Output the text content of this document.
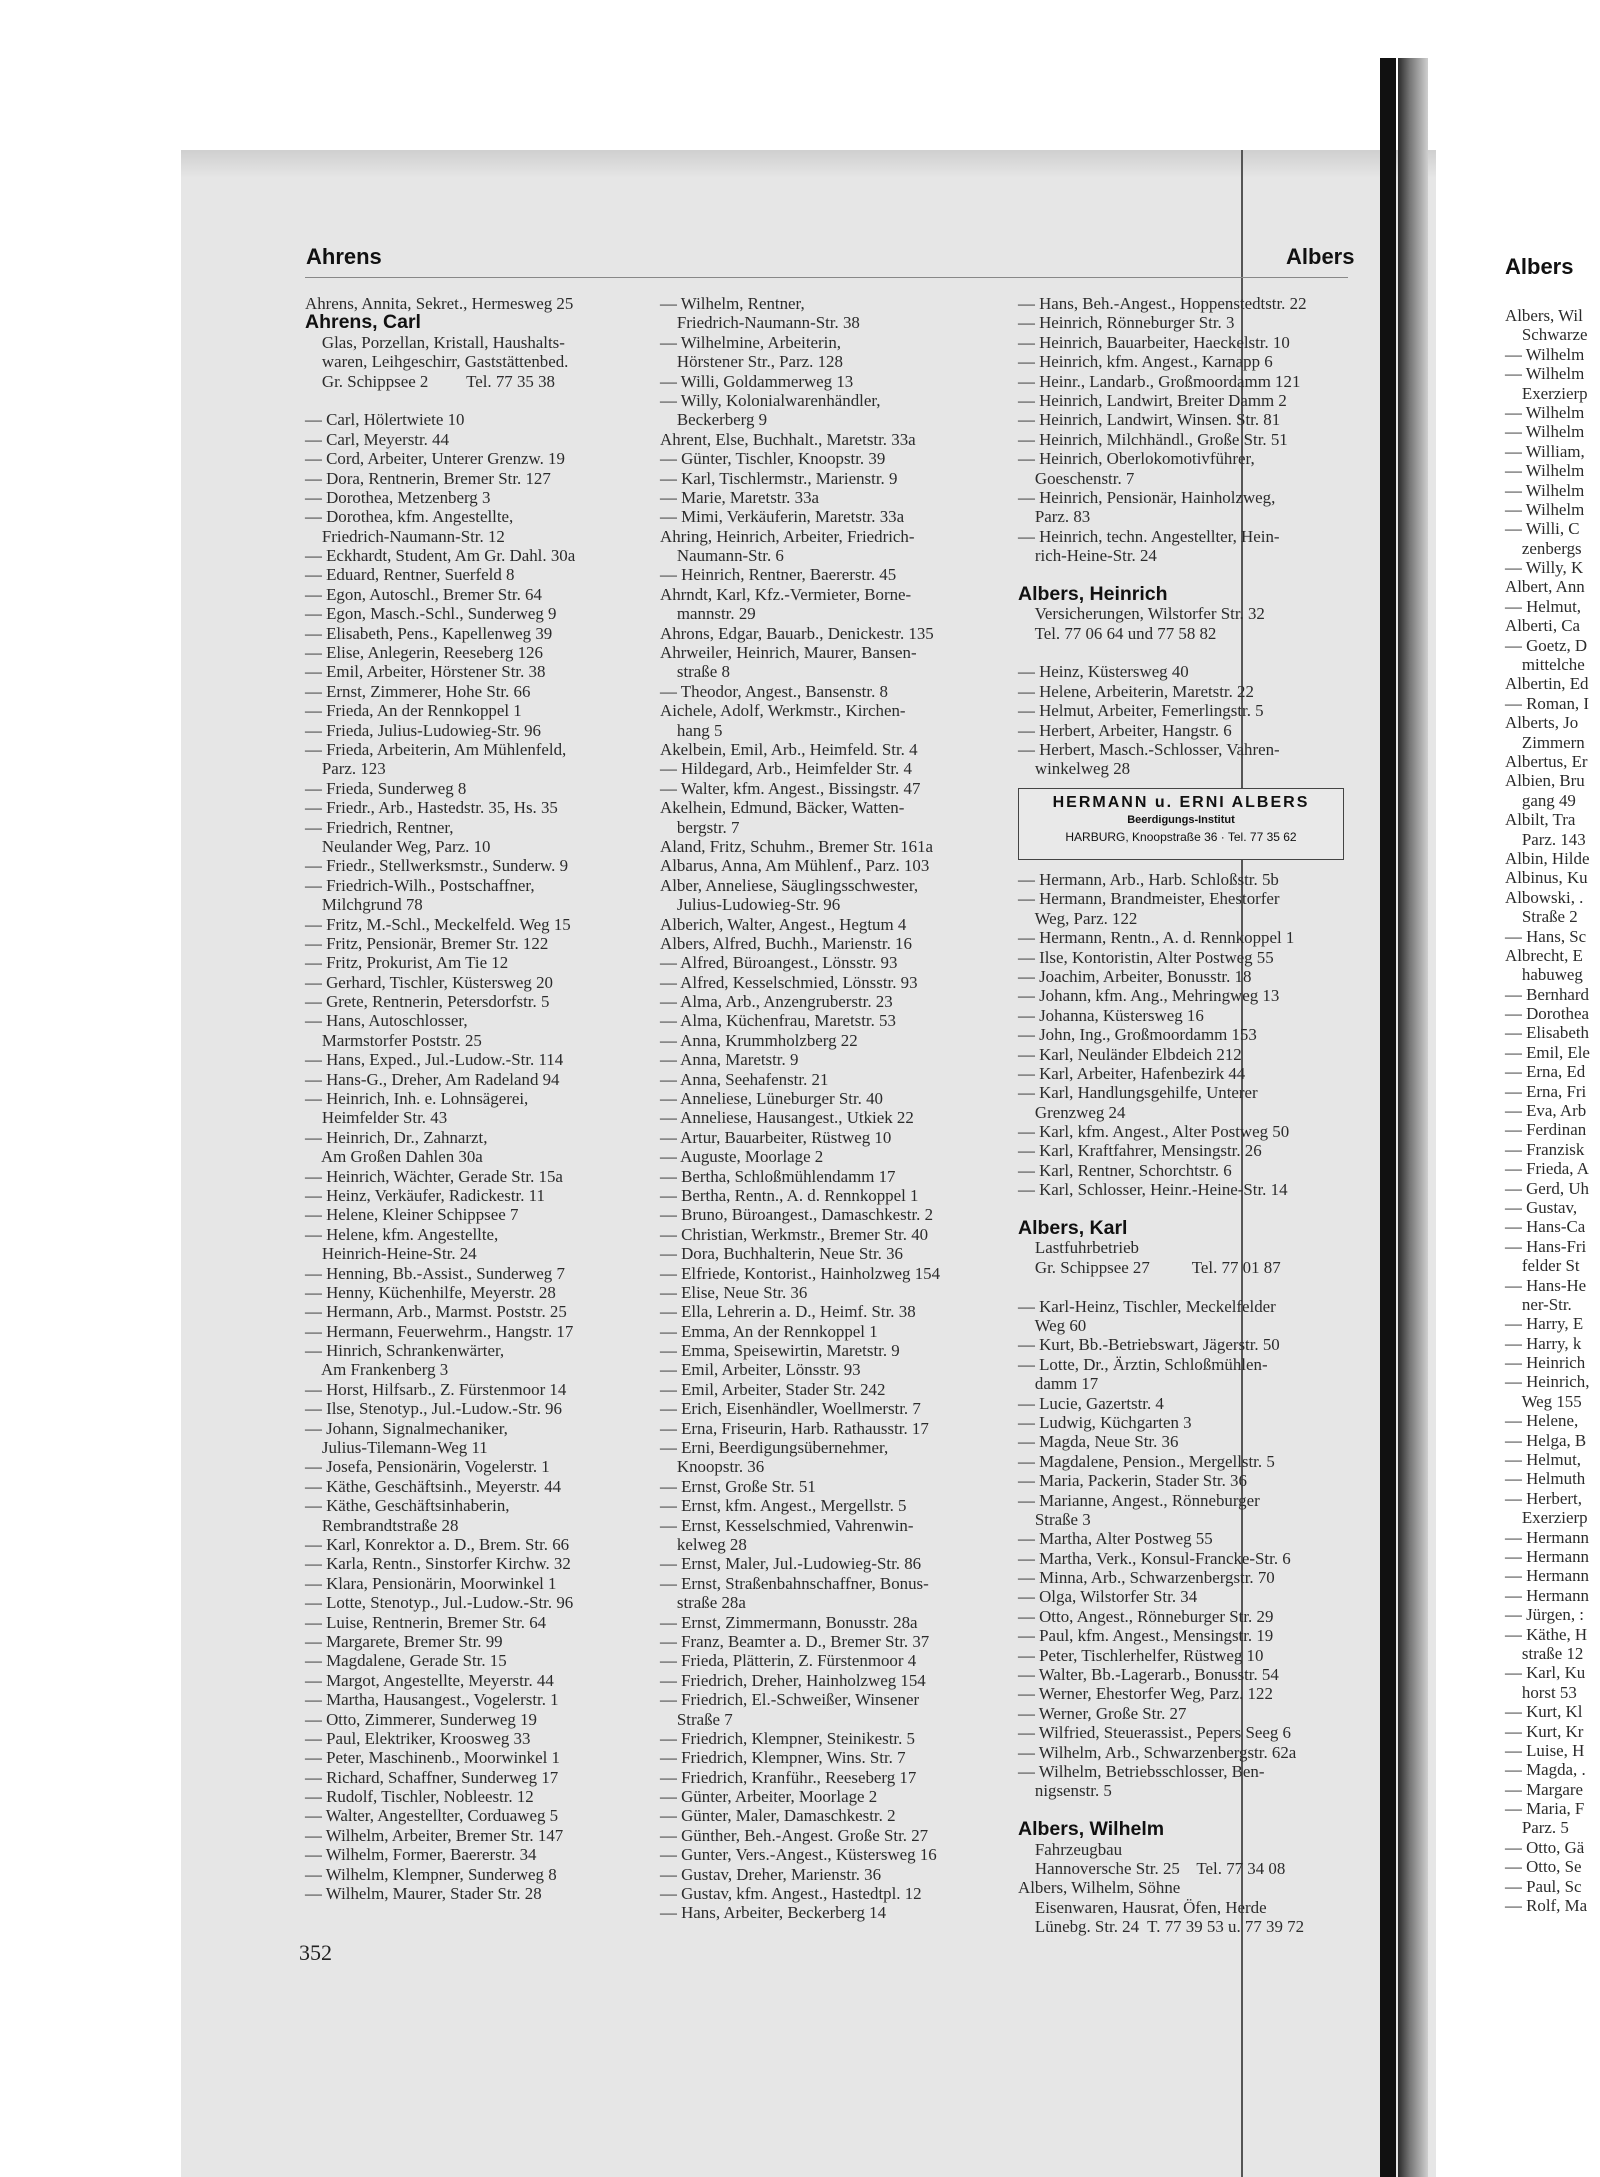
Ahrens	Albers	Albers
Ahrens, Annita, Sekret., Hermesweg 25
Ahrens, Carl
Glas, Porzellan, Kristall, Haushalts-
waren, Leihgeschirr, Gaststättenbed.
Gr. Schippsee 2         Tel. 77 35 38
— Carl, Hölertwiete 10
— Carl, Meyerstr. 44
— Cord, Arbeiter, Unterer Grenzw. 19
— Dora, Rentnerin, Bremer Str. 127
— Dorothea, Metzenberg 3
— Dorothea, kfm. Angestellte,
Friedrich-Naumann-Str. 12
— Eckhardt, Student, Am Gr. Dahl. 30a
— Eduard, Rentner, Suerfeld 8
— Egon, Autoschl., Bremer Str. 64
— Egon, Masch.-Schl., Sunderweg 9
— Elisabeth, Pens., Kapellenweg 39
— Elise, Anlegerin, Reeseberg 126
— Emil, Arbeiter, Hörstener Str. 38
— Ernst, Zimmerer, Hohe Str. 66
— Frieda, An der Rennkoppel 1
— Frieda, Julius-Ludowieg-Str. 96
— Frieda, Arbeiterin, Am Mühlenfeld,
Parz. 123
— Frieda, Sunderweg 8
— Friedr., Arb., Hastedstr. 35, Hs. 35
— Friedrich, Rentner,
Neulander Weg, Parz. 10
— Friedr., Stellwerksmstr., Sunderw. 9
— Friedrich-Wilh., Postschaffner,
Milchgrund 78
— Fritz, M.-Schl., Meckelfeld. Weg 15
— Fritz, Pensionär, Bremer Str. 122
— Fritz, Prokurist, Am Tie 12
— Gerhard, Tischler, Küstersweg 20
— Grete, Rentnerin, Petersdorfstr. 5
— Hans, Autoschlosser,
Marmstorfer Poststr. 25
— Hans, Exped., Jul.-Ludow.-Str. 114
— Hans-G., Dreher, Am Radeland 94
— Heinrich, Inh. e. Lohnsägerei,
Heimfelder Str. 43
— Heinrich, Dr., Zahnarzt,
Am Großen Dahlen 30a
— Heinrich, Wächter, Gerade Str. 15a
— Heinz, Verkäufer, Radickestr. 11
— Helene, Kleiner Schippsee 7
— Helene, kfm. Angestellte,
Heinrich-Heine-Str. 24
— Henning, Bb.-Assist., Sunderweg 7
— Henny, Küchenhilfe, Meyerstr. 28
— Hermann, Arb., Marmst. Poststr. 25
— Hermann, Feuerwehrm., Hangstr. 17
— Hinrich, Schrankenwärter,
Am Frankenberg 3
— Horst, Hilfsarb., Z. Fürstenmoor 14
— Ilse, Stenotyp., Jul.-Ludow.-Str. 96
— Johann, Signalmechaniker,
Julius-Tilemann-Weg 11
— Josefa, Pensionärin, Vogelerstr. 1
— Käthe, Geschäftsinh., Meyerstr. 44
— Käthe, Geschäftsinhaberin,
Rembrandtstraße 28
— Karl, Konrektor a. D., Brem. Str. 66
— Karla, Rentn., Sinstorfer Kirchw. 32
— Klara, Pensionärin, Moorwinkel 1
— Lotte, Stenotyp., Jul.-Ludow.-Str. 96
— Luise, Rentnerin, Bremer Str. 64
— Margarete, Bremer Str. 99
— Magdalene, Gerade Str. 15
— Margot, Angestellte, Meyerstr. 44
— Martha, Hausangest., Vogelerstr. 1
— Otto, Zimmerer, Sunderweg 19
— Paul, Elektriker, Kroosweg 33
— Peter, Maschinenb., Moorwinkel 1
— Richard, Schaffner, Sunderweg 17
— Rudolf, Tischler, Nobleestr. 12
— Walter, Angestellter, Corduaweg 5
— Wilhelm, Arbeiter, Bremer Str. 147
— Wilhelm, Former, Baererstr. 34
— Wilhelm, Klempner, Sunderweg 8
— Wilhelm, Maurer, Stader Str. 28
— Wilhelm, Rentner,
Friedrich-Naumann-Str. 38
— Wilhelmine, Arbeiterin,
Hörstener Str., Parz. 128
— Willi, Goldammerweg 13
— Willy, Kolonialwarenhändler,
Beckerberg 9
Ahrent, Else, Buchhalt., Maretstr. 33a
— Günter, Tischler, Knoopstr. 39
— Karl, Tischlermstr., Marienstr. 9
— Marie, Maretstr. 33a
— Mimi, Verkäuferin, Maretstr. 33a
Ahring, Heinrich, Arbeiter, Friedrich-
Naumann-Str. 6
— Heinrich, Rentner, Baererstr. 45
Ahrndt, Karl, Kfz.-Vermieter, Borne-
mannstr. 29
Ahrons, Edgar, Bauarb., Denickestr. 135
Ahrweiler, Heinrich, Maurer, Bansen-
straße 8
— Theodor, Angest., Bansenstr. 8
Aichele, Adolf, Werkmstr., Kirchen-
hang 5
Akelbein, Emil, Arb., Heimfeld. Str. 4
— Hildegard, Arb., Heimfelder Str. 4
— Walter, kfm. Angest., Bissingstr. 47
Akelhein, Edmund, Bäcker, Watten-
bergstr. 7
Aland, Fritz, Schuhm., Bremer Str. 161a
Albarus, Anna, Am Mühlenf., Parz. 103
Alber, Anneliese, Säuglingsschwester,
Julius-Ludowieg-Str. 96
Alberich, Walter, Angest., Hegtum 4
Albers, Alfred, Buchh., Marienstr. 16
— Alfred, Büroangest., Lönsstr. 93
— Alfred, Kesselschmied, Lönsstr. 93
— Alma, Arb., Anzengruberstr. 23
— Alma, Küchenfrau, Maretstr. 53
— Anna, Krummholzberg 22
— Anna, Maretstr. 9
— Anna, Seehafenstr. 21
— Anneliese, Lüneburger Str. 40
— Anneliese, Hausangest., Utkiek 22
— Artur, Bauarbeiter, Rüstweg 10
— Auguste, Moorlage 2
— Bertha, Schloßmühlendamm 17
— Bertha, Rentn., A. d. Rennkoppel 1
— Bruno, Büroangest., Damaschkestr. 2
— Christian, Werkmstr., Bremer Str. 40
— Dora, Buchhalterin, Neue Str. 36
— Elfriede, Kontorist., Hainholzweg 154
— Elise, Neue Str. 36
— Ella, Lehrerin a. D., Heimf. Str. 38
— Emma, An der Rennkoppel 1
— Emma, Speisewirtin, Maretstr. 9
— Emil, Arbeiter, Lönsstr. 93
— Emil, Arbeiter, Stader Str. 242
— Erich, Eisenhändler, Woellmerstr. 7
— Erna, Friseurin, Harb. Rathausstr. 17
— Erni, Beerdigungsübernehmer,
Knoopstr. 36
— Ernst, Große Str. 51
— Ernst, kfm. Angest., Mergellstr. 5
— Ernst, Kesselschmied, Vahrenwin-
kelweg 28
— Ernst, Maler, Jul.-Ludowieg-Str. 86
— Ernst, Straßenbahnschaffner, Bonus-
straße 28a
— Ernst, Zimmermann, Bonusstr. 28a
— Franz, Beamter a. D., Bremer Str. 37
— Frieda, Plätterin, Z. Fürstenmoor 4
— Friedrich, Dreher, Hainholzweg 154
— Friedrich, El.-Schweißer, Winsener
Straße 7
— Friedrich, Klempner, Steinikestr. 5
— Friedrich, Klempner, Wins. Str. 7
— Friedrich, Kranführ., Reeseberg 17
— Günter, Arbeiter, Moorlage 2
— Günter, Maler, Damaschkestr. 2
— Günther, Beh.-Angest. Große Str. 27
— Gunter, Vers.-Angest., Küstersweg 16
— Gustav, Dreher, Marienstr. 36
— Gustav, kfm. Angest., Hastedtpl. 12
— Hans, Arbeiter, Beckerberg 14
— Hans, Beh.-Angest., Hoppenstedtstr. 22
— Heinrich, Rönneburger Str. 3
— Heinrich, Bauarbeiter, Haeckelstr. 10
— Heinrich, kfm. Angest., Karnapp 6
— Heinr., Landarb., Großmoordamm 121
— Heinrich, Landwirt, Breiter Damm 2
— Heinrich, Landwirt, Winsen. Str. 81
— Heinrich, Milchhändl., Große Str. 51
— Heinrich, Oberlokomotivführer,
Goeschenstr. 7
— Heinrich, Pensionär, Hainholzweg,
Parz. 83
— Heinrich, techn. Angestellter, Hein-
rich-Heine-Str. 24
Albers, Heinrich
Versicherungen, Wilstorfer Str. 32
Tel. 77 06 64 und 77 58 82
— Heinz, Küstersweg 40
— Helene, Arbeiterin, Maretstr. 22
— Helmut, Arbeiter, Femerlingstr. 5
— Herbert, Arbeiter, Hangstr. 6
— Herbert, Masch.-Schlosser, Vahren-
winkelweg 28
HERMANN u. ERNI ALBERS
Beerdigungs-Institut
HARBURG, Knoopstraße 36 · Tel. 77 35 62
— Hermann, Arb., Harb. Schloßstr. 5b
— Hermann, Brandmeister, Ehestorfer
Weg, Parz. 122
— Hermann, Rentn., A. d. Rennkoppel 1
— Ilse, Kontoristin, Alter Postweg 55
— Joachim, Arbeiter, Bonusstr. 18
— Johann, kfm. Ang., Mehringweg 13
— Johanna, Küstersweg 16
— John, Ing., Großmoordamm 153
— Karl, Neuländer Elbdeich 212
— Karl, Arbeiter, Hafenbezirk 44
— Karl, Handlungsgehilfe, Unterer
Grenzweg 24
— Karl, kfm. Angest., Alter Postweg 50
— Karl, Kraftfahrer, Mensingstr. 26
— Karl, Rentner, Schorchtstr. 6
— Karl, Schlosser, Heinr.-Heine-Str. 14
Albers, Karl
Lastfuhrbetrieb
Gr. Schippsee 27          Tel. 77 01 87
— Karl-Heinz, Tischler, Meckelfelder
Weg 60
— Kurt, Bb.-Betriebswart, Jägerstr. 50
— Lotte, Dr., Ärztin, Schloßmühlen-
damm 17
— Lucie, Gazertstr. 4
— Ludwig, Küchgarten 3
— Magda, Neue Str. 36
— Magdalene, Pension., Mergellstr. 5
— Maria, Packerin, Stader Str. 36
— Marianne, Angest., Rönneburger
Straße 3
— Martha, Alter Postweg 55
— Martha, Verk., Konsul-Francke-Str. 6
— Minna, Arb., Schwarzenbergstr. 70
— Olga, Wilstorfer Str. 34
— Otto, Angest., Rönneburger Str. 29
— Paul, kfm. Angest., Mensingstr. 19
— Peter, Tischlerhelfer, Rüstweg 10
— Walter, Bb.-Lagerarb., Bonusstr. 54
— Werner, Ehestorfer Weg, Parz. 122
— Werner, Große Str. 27
— Wilfried, Steuerassist., Pepers Seeg 6
— Wilhelm, Arb., Schwarzenbergstr. 62a
— Wilhelm, Betriebsschlosser, Ben-
nigsenstr. 5
Albers, Wilhelm
Fahrzeugbau
Hannoversche Str. 25    Tel. 77 34 08
Albers, Wilhelm, Söhne
Eisenwaren, Hausrat, Öfen, Herde
Lünebg. Str. 24  T. 77 39 53 u. 77 39 72
Albers, Wil
Schwarze
— Wilhelm
— Wilhelm
Exerzierp
— Wilhelm
— Wilhelm
— William,
— Wilhelm
— Wilhelm
— Wilhelm
— Willi, C
zenbergs
— Willy, K
Albert, Ann
— Helmut,
Alberti, Ca
— Goetz, D
mittelche
Albertin, Ed
— Roman, I
Alberts, Jo
Zimmern
Albertus, Er
Albien, Bru
gang 49
Albilt, Tra
Parz. 143
Albin, Hilde
Albinus, Ku
Albowski, .
Straße 2
— Hans, Sc
Albrecht, E
habuweg
— Bernhard
— Dorothea
— Elisabeth
— Emil, Ele
— Erna, Ed
— Erna, Fri
— Eva, Arb
— Ferdinan
— Franzisk
— Frieda, A
— Gerd, Uh
— Gustav,
— Hans-Ca
— Hans-Fri
felder St
— Hans-He
ner-Str.
— Harry, E
— Harry, k
— Heinrich
— Heinrich,
Weg 155
— Helene,
— Helga, B
— Helmut,
— Helmuth
— Herbert,
Exerzierp
— Hermann
— Hermann
— Hermann
— Hermann
— Jürgen, :
— Käthe, H
straße 12
— Karl, Ku
horst 53
— Kurt, Kl
— Kurt, Kr
— Luise, H
— Magda, .
— Margare
— Maria, F
Parz. 5
— Otto, Gä
— Otto, Se
— Paul, Sc
— Rolf, Ma
352
